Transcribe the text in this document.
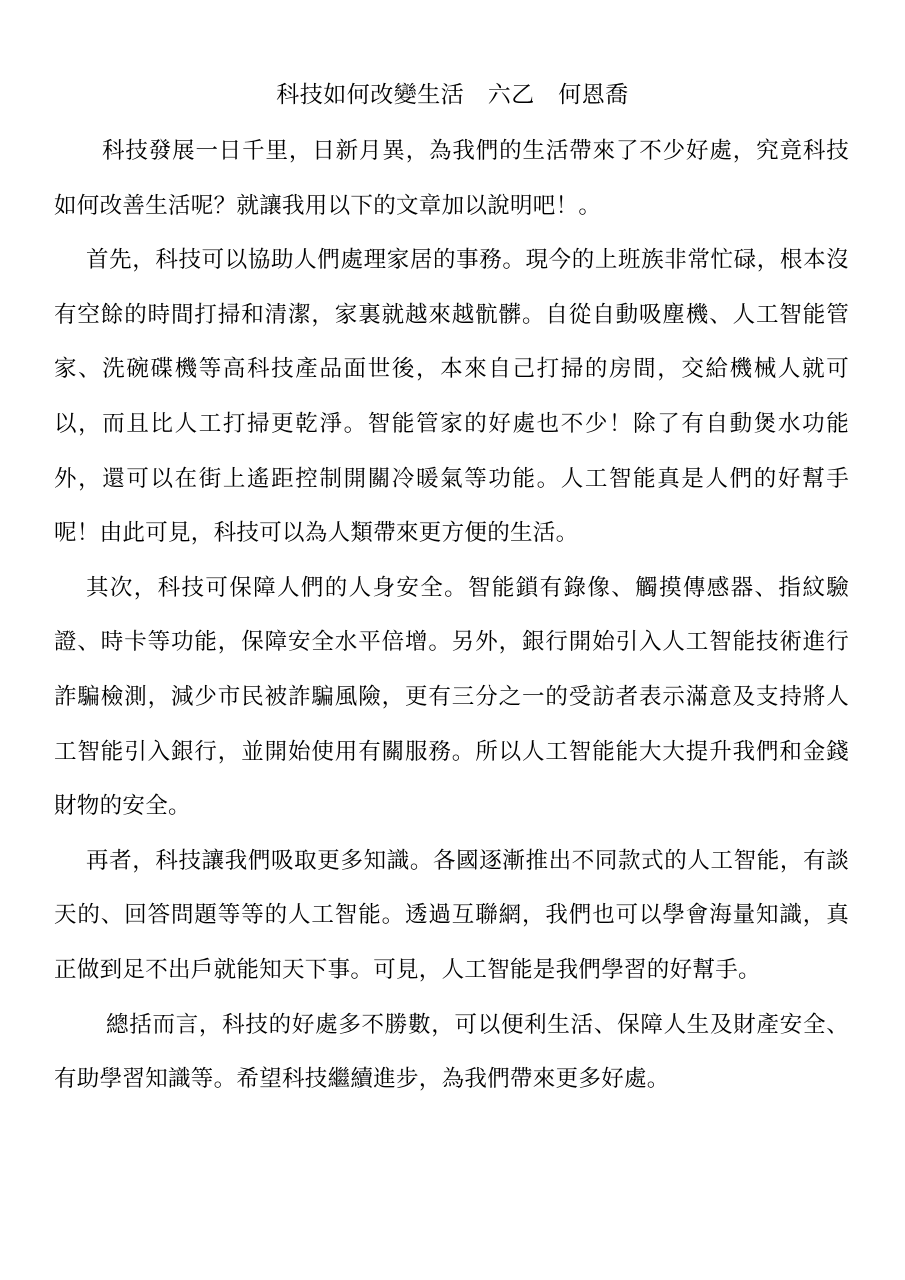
科技如何改變生活　六乙　何恩喬

科技發展一日千里，日新月異，為我們的生活帶來了不少好處，究竟科技如何改善生活呢？就讓我用以下的文章加以說明吧！。

首先，科技可以協助人們處理家居的事務。現今的上班族非常忙碌，根本沒有空餘的時間打掃和清潔，家裏就越來越骯髒。自從自動吸塵機、人工智能管家、洗碗碟機等高科技產品面世後，本來自己打掃的房間，交給機械人就可以，而且比人工打掃更乾淨。智能管家的好處也不少！除了有自動煲水功能外，還可以在街上遙距控制開關冷暖氣等功能。人工智能真是人們的好幫手呢！由此可見，科技可以為人類帶來更方便的生活。

其次，科技可保障人們的人身安全。智能鎖有錄像、觸摸傳感器、指紋驗證、時卡等功能，保障安全水平倍增。另外，銀行開始引入人工智能技術進行詐騙檢測，減少市民被詐騙風險，更有三分之一的受訪者表示滿意及支持將人工智能引入銀行，並開始使用有關服務。所以人工智能能大大提升我們和金錢財物的安全。

再者，科技讓我們吸取更多知識。各國逐漸推出不同款式的人工智能，有談天的、回答問題等等的人工智能。透過互聯網，我們也可以學會海量知識，真正做到足不出戶就能知天下事。可見，人工智能是我們學習的好幫手。

總括而言，科技的好處多不勝數，可以便利生活、保障人生及財產安全、有助學習知識等。希望科技繼續進步，為我們帶來更多好處。
